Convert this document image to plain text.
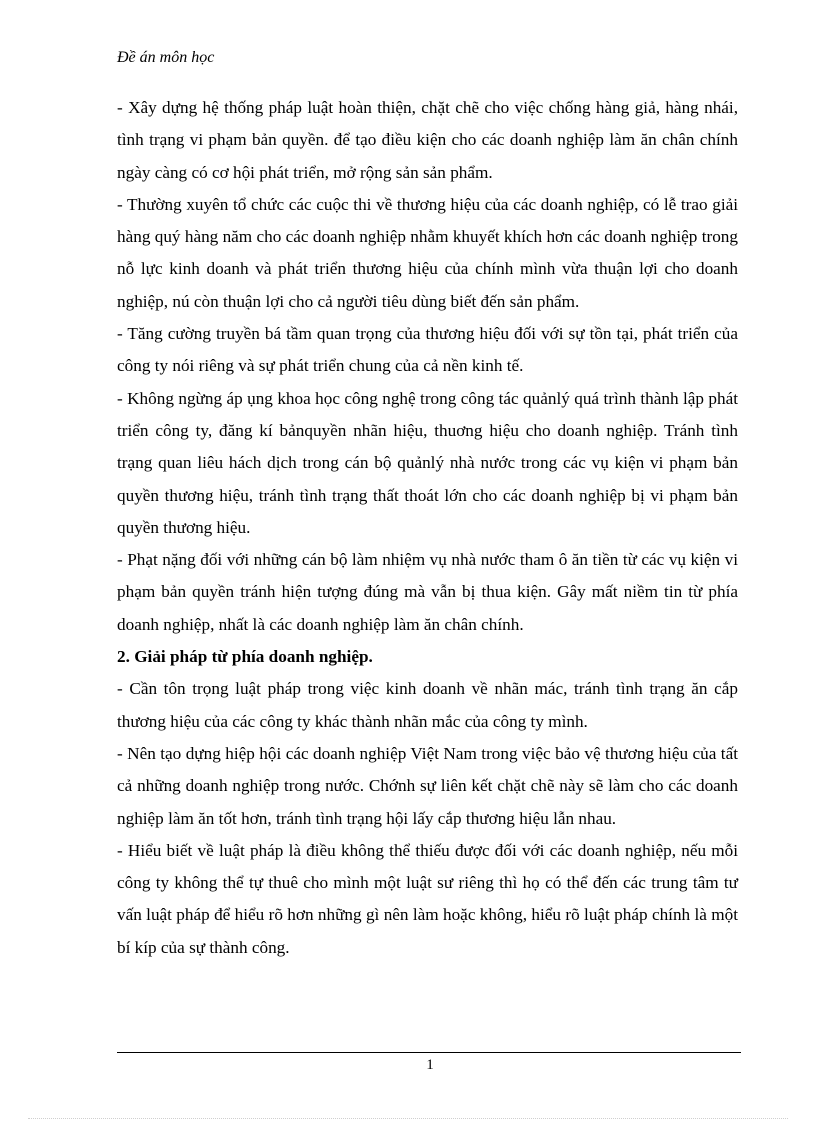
Đề án môn học

- Xây dựng hệ thống pháp luật hoàn thiện, chặt chẽ cho việc chống hàng giả, hàng nhái, tình trạng vi phạm bản quyền. để tạo điều kiện cho các doanh nghiệp làm ăn chân chính ngày càng có cơ hội phát triển, mở rộng sản sản phẩm.

- Thường xuyên tổ chức các cuộc thi về thương hiệu của các doanh nghiệp, có lễ trao giải hàng quý hàng năm cho các doanh nghiệp nhằm khuyết khích hơn các doanh nghiệp trong nỗ lực kinh doanh và phát triển thương hiệu của chính mình vừa thuận lợi cho doanh nghiệp, nú còn thuận lợi cho cả người tiêu dùng biết đến sản phẩm.

- Tăng cường truyền bá tầm quan trọng của thương hiệu đối với sự tồn tại, phát triển của công ty nói riêng và sự phát triển chung của cả nền kinh tế.

- Không ngừng áp ụng khoa học công nghệ trong công tác quảnlý quá trình thành lập phát triển công ty, đăng kí bảnquyền nhãn hiệu, thuơng hiệu cho doanh nghiệp. Tránh tình trạng quan liêu hách dịch trong cán bộ quảnlý nhà nước trong các vụ kiện vi phạm bản quyền thương hiệu, tránh tình trạng thất thoát lớn cho các doanh nghiệp bị vi phạm bản quyền thương hiệu.

- Phạt nặng đối với những cán bộ làm nhiệm vụ nhà nước tham ô ăn tiền từ các vụ kiện vi phạm bản quyền tránh hiện tượng đúng mà vẫn bị thua kiện. Gây mất niềm tin từ phía doanh nghiệp, nhất là các doanh nghiệp làm ăn chân chính.

2. Giải pháp từ phía doanh nghiệp.

- Cần tôn trọng luật pháp trong việc kinh doanh về nhãn mác, tránh tình trạng ăn cắp thương hiệu của các công ty khác thành nhãn mắc của công ty mình.

- Nên tạo dựng hiệp hội các doanh nghiệp Việt Nam trong việc bảo vệ thương hiệu của tất cả những doanh nghiệp trong nước. Chớnh sự liên kết chặt chẽ này sẽ làm cho các doanh nghiệp làm ăn tốt hơn, tránh tình trạng hội lấy cắp thương hiệu lẫn nhau.

- Hiểu biết về luật pháp là điều không thể thiếu được đối với các doanh nghiệp, nếu mỗi công ty không thể tự thuê cho mình một luật sư riêng thì họ có thể đến các trung tâm tư vấn luật pháp để hiểu rõ hơn những gì nên làm hoặc không, hiểu rõ luật pháp chính là một bí kíp của sự thành công.

1
